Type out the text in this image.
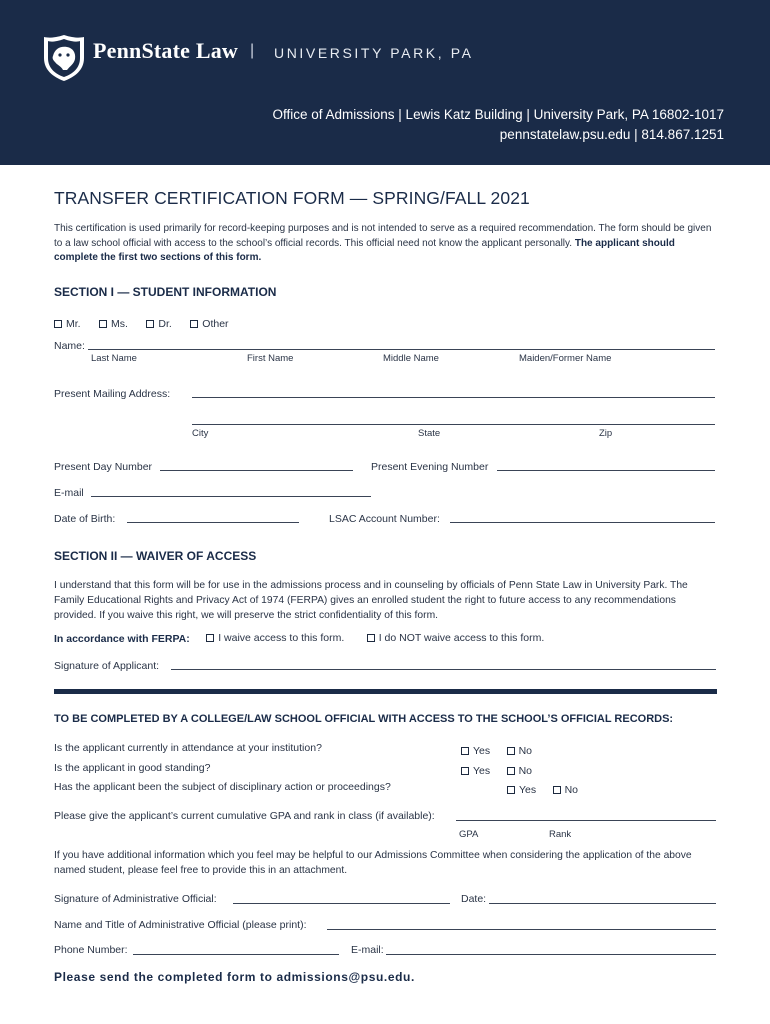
PennState Law | UNIVERSITY PARK, PA
Office of Admissions | Lewis Katz Building | University Park, PA 16802-1017
pennstatelaw.psu.edu | 814.867.1251
TRANSFER CERTIFICATION FORM — SPRING/FALL 2021
This certification is used primarily for record-keeping purposes and is not intended to serve as a required recommendation. The form should be given to a law school official with access to the school’s official records. This official need not know the applicant personally. The applicant should complete the first two sections of this form.
SECTION I — STUDENT INFORMATION
Mr.
	Ms.
	Dr.
	Other
Name:
Last Name	First Name	Middle Name	Maiden/Former Name
Present Mailing Address:
City	State	Zip
Present Day Number	Present Evening Number
E-mail
Date of Birth:	LSAC Account Number:
SECTION II — WAIVER OF ACCESS
I understand that this form will be for use in the admissions process and in counseling by officials of Penn State Law in University Park. The Family Educational Rights and Privacy Act of 1974 (FERPA) gives an enrolled student the right to future access to any recommendations provided. If you waive this right, we will preserve the strict confidentiality of this form.
In accordance with FERPA:	I waive access to this form.
	I do NOT waive access to this form.
Signature of Applicant:
TO BE COMPLETED BY A COLLEGE/LAW SCHOOL OFFICIAL WITH ACCESS TO THE SCHOOL’S OFFICIAL RECORDS:
Is the applicant currently in attendance at your institution?	Yes
	No
Is the applicant in good standing?	Yes
	No
Has the applicant been the subject of disciplinary action or proceedings?	Yes
	No
Please give the applicant’s current cumulative GPA and rank in class (if available):
GPA	Rank
If you have additional information which you feel may be helpful to our Admissions Committee when considering the application of the above named student, please feel free to provide this in an attachment.
Signature of Administrative Official:	Date:
Name and Title of Administrative Official (please print):
Phone Number:	E-mail:
Please send the completed form to admissions@psu.edu.
